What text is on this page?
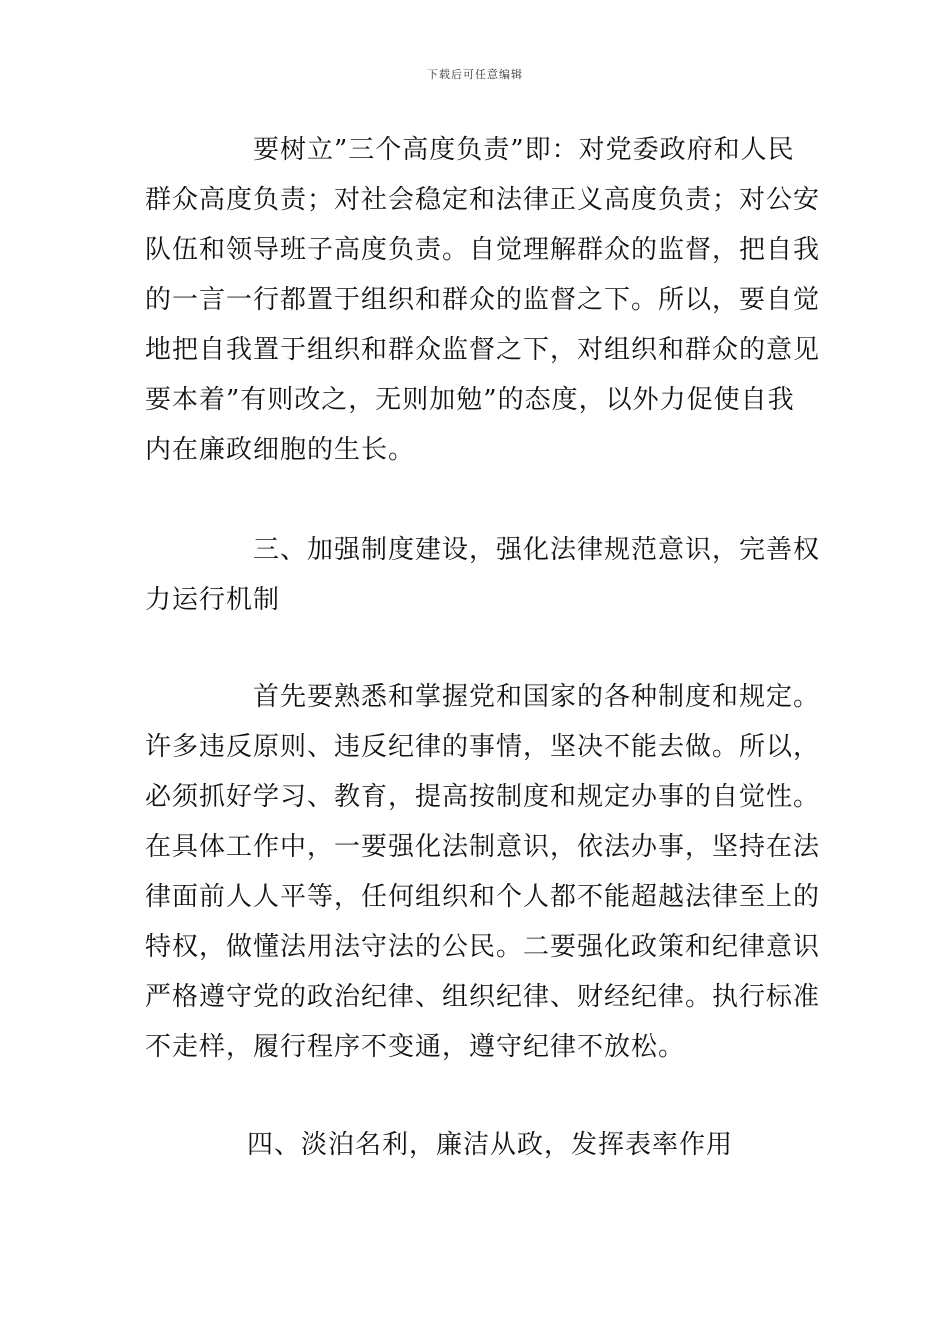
下载后可任意编辑
要树立”三个高度负责”即：对党委政府和人民
群众高度负责；对社会稳定和法律正义高度负责；对公安
队伍和领导班子高度负责。自觉理解群众的监督，把自我
的一言一行都置于组织和群众的监督之下。所以，要自觉
地把自我置于组织和群众监督之下，对组织和群众的意见
要本着”有则改之，无则加勉”的态度，以外力促使自我
内在廉政细胞的生长。
三、加强制度建设，强化法律规范意识，完善权
力运行机制
首先要熟悉和掌握党和国家的各种制度和规定。
许多违反原则、违反纪律的事情，坚决不能去做。所以，
必须抓好学习、教育，提高按制度和规定办事的自觉性。
在具体工作中，一要强化法制意识，依法办事，坚持在法
律面前人人平等，任何组织和个人都不能超越法律至上的
特权，做懂法用法守法的公民。二要强化政策和纪律意识
严格遵守党的政治纪律、组织纪律、财经纪律。执行标准
不走样，履行程序不变通，遵守纪律不放松。
四、淡泊名利，廉洁从政，发挥表率作用
